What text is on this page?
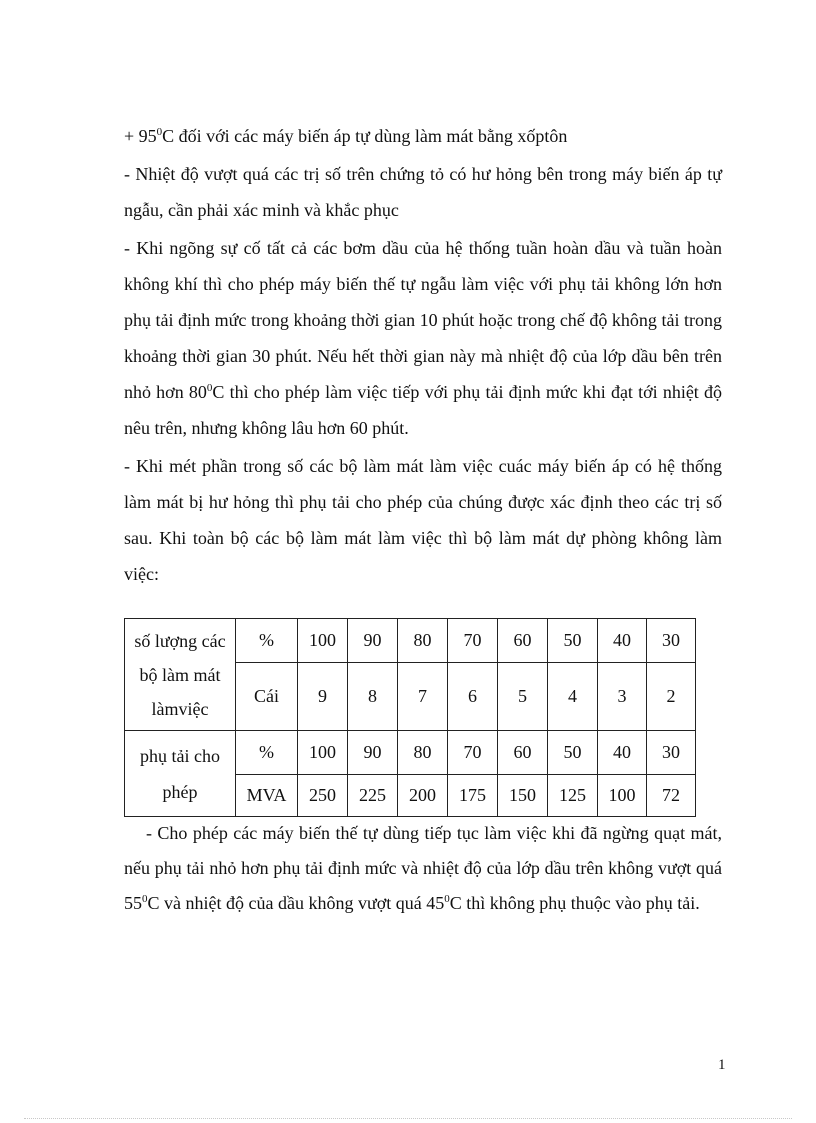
+ $95^0C$ đối với các máy biến áp tự dùng làm mát bằng xốptôn

- Nhiệt độ vượt quá các trị số trên chứng tỏ có hư hỏng bên trong máy biến áp tự ngẫu, cần phải xác minh và khắc phục

- Khi ngõng sự cố tất cả các bơm dầu của hệ thống tuần hoàn dầu và tuần hoàn không khí thì cho phép máy biến thế tự ngẫu làm việc với phụ tải không lớn hơn phụ tải định mức trong khoảng thời gian 10 phút hoặc trong chế độ không tải trong khoảng thời gian 30 phút. Nếu hết thời gian này mà nhiệt độ của lớp dầu bên trên nhỏ hơn $80^0C$ thì cho phép làm việc tiếp với phụ tải định mức khi đạt tới nhiệt độ nêu trên, nhưng không lâu hơn 60 phút.

- Khi mét phần trong số các bộ làm mát làm việc cuác máy biến áp có hệ thống làm mát bị hư hỏng thì phụ tải cho phép của chúng được xác định theo các trị số sau. Khi toàn bộ các bộ làm mát làm việc thì bộ làm mát dự phòng không làm việc:

số lượng các bộ làm mát làmviệc	%	100	90	80	70	60	50	40	30
	Cái	9	8	7	6	5	4	3	2
phụ tải cho phép	%	100	90	80	70	60	50	40	30
	MVA	250	225	200	175	150	125	100	72

- Cho phép các máy biến thế tự dùng tiếp tục làm việc khi đã ngừng quạt mát, nếu phụ tải nhỏ hơn phụ tải định mức và nhiệt độ của lớp dầu trên không vượt quá $55^0C$ và nhiệt độ của dầu không vượt quá $45^0C$ thì không phụ thuộc vào phụ tải.

1
